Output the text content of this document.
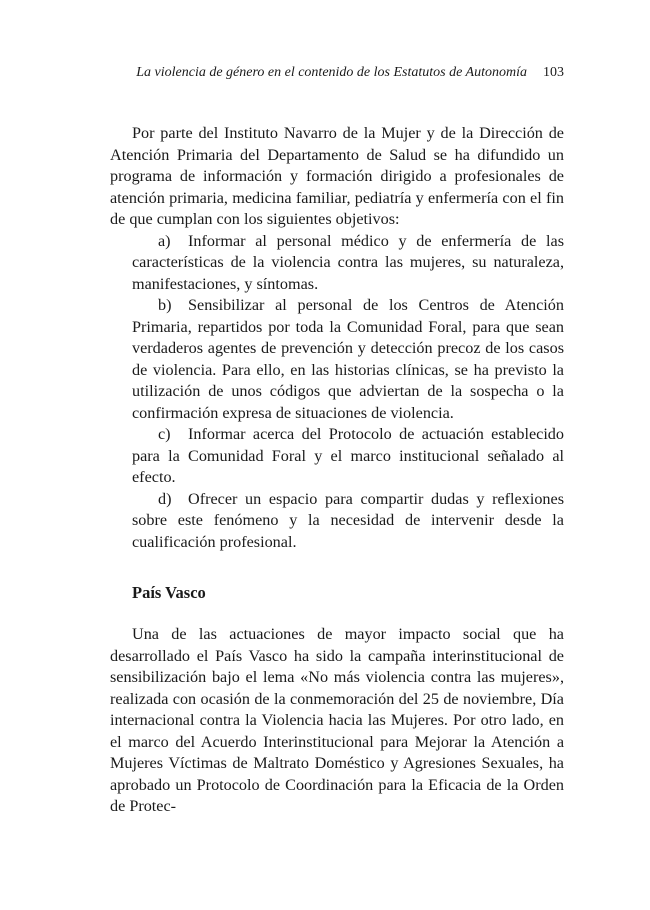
La violencia de género en el contenido de los Estatutos de Autonomía 103

Por parte del Instituto Navarro de la Mujer y de la Dirección de Atención Primaria del Departamento de Salud se ha difundido un programa de información y formación dirigido a profesionales de atención primaria, medicina familiar, pediatría y enfermería con el fin de que cumplan con los siguientes objetivos:

a) Informar al personal médico y de enfermería de las características de la violencia contra las mujeres, su naturaleza, manifestaciones, y síntomas.

b) Sensibilizar al personal de los Centros de Atención Primaria, repartidos por toda la Comunidad Foral, para que sean verdaderos agentes de prevención y detección precoz de los casos de violencia. Para ello, en las historias clínicas, se ha previsto la utilización de unos códigos que adviertan de la sospecha o la confirmación expresa de situaciones de violencia.

c) Informar acerca del Protocolo de actuación establecido para la Comunidad Foral y el marco institucional señalado al efecto.

d) Ofrecer un espacio para compartir dudas y reflexiones sobre este fenómeno y la necesidad de intervenir desde la cualificación profesional.

País Vasco

Una de las actuaciones de mayor impacto social que ha desarrollado el País Vasco ha sido la campaña interinstitucional de sensibilización bajo el lema «No más violencia contra las mujeres», realizada con ocasión de la conmemoración del 25 de noviembre, Día internacional contra la Violencia hacia las Mujeres. Por otro lado, en el marco del Acuerdo Interinstitucional para Mejorar la Atención a Mujeres Víctimas de Maltrato Doméstico y Agresiones Sexuales, ha aprobado un Protocolo de Coordinación para la Eficacia de la Orden de Protec-
